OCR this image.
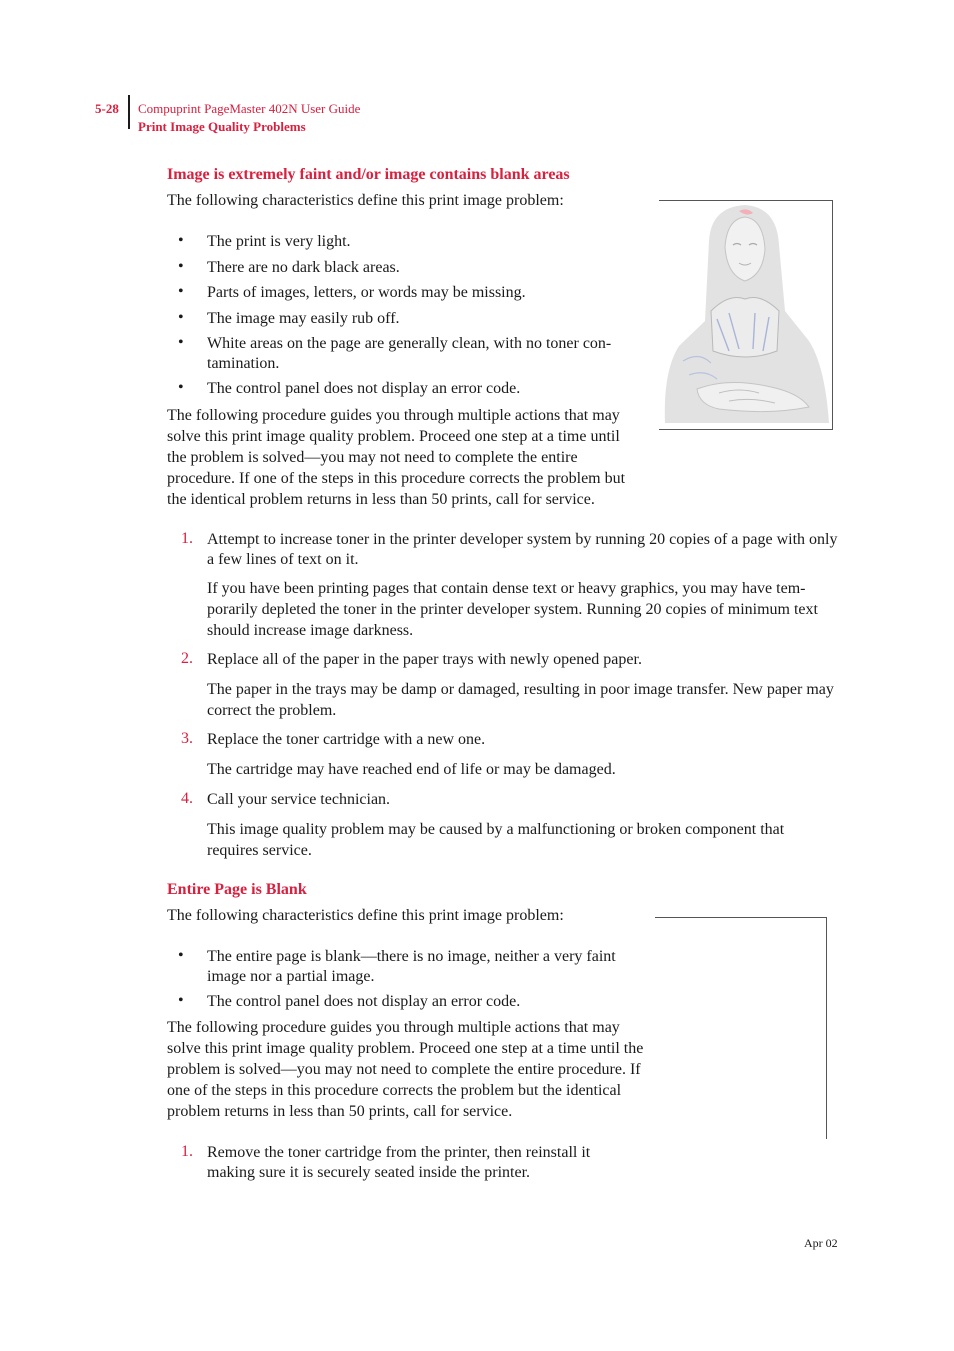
5-28 Compuprint PageMaster 402N User Guide
Print Image Quality Problems
Image is extremely faint and/or image contains blank areas

The following characteristics define this print image problem:

• The print is very light.
• There are no dark black areas.
• Parts of images, letters, or words may be missing.
• The image may easily rub off.
• White areas on the page are generally clean, with no toner con-tamination.
• The control panel does not display an error code.

The following procedure guides you through multiple actions that may solve this print image quality problem. Proceed one step at a time until the problem is solved—you may not need to complete the entire procedure. If one of the steps in this procedure corrects the problem but the identical problem returns in less than 50 prints, call for service.

1. Attempt to increase toner in the printer developer system by running 20 copies of a page with only a few lines of text on it.
If you have been printing pages that contain dense text or heavy graphics, you may have tem-porarily depleted the toner in the printer developer system. Running 20 copies of minimum text should increase image darkness.
2. Replace all of the paper in the paper trays with newly opened paper.
The paper in the trays may be damp or damaged, resulting in poor image transfer. New paper may correct the problem.
3. Replace the toner cartridge with a new one.
The cartridge may have reached end of life or may be damaged.
4. Call your service technician.
This image quality problem may be caused by a malfunctioning or broken component that requires service.
Entire Page is Blank

The following characteristics define this print image problem:

• The entire page is blank—there is no image, neither a very faint image nor a partial image.
• The control panel does not display an error code.

The following procedure guides you through multiple actions that may solve this print image quality problem. Proceed one step at a time until the problem is solved—you may not need to complete the entire procedure. If one of the steps in this procedure corrects the problem but the identical problem returns in less than 50 prints, call for service.

1. Remove the toner cartridge from the printer, then reinstall it making sure it is securely seated inside the printer.
Apr 02
